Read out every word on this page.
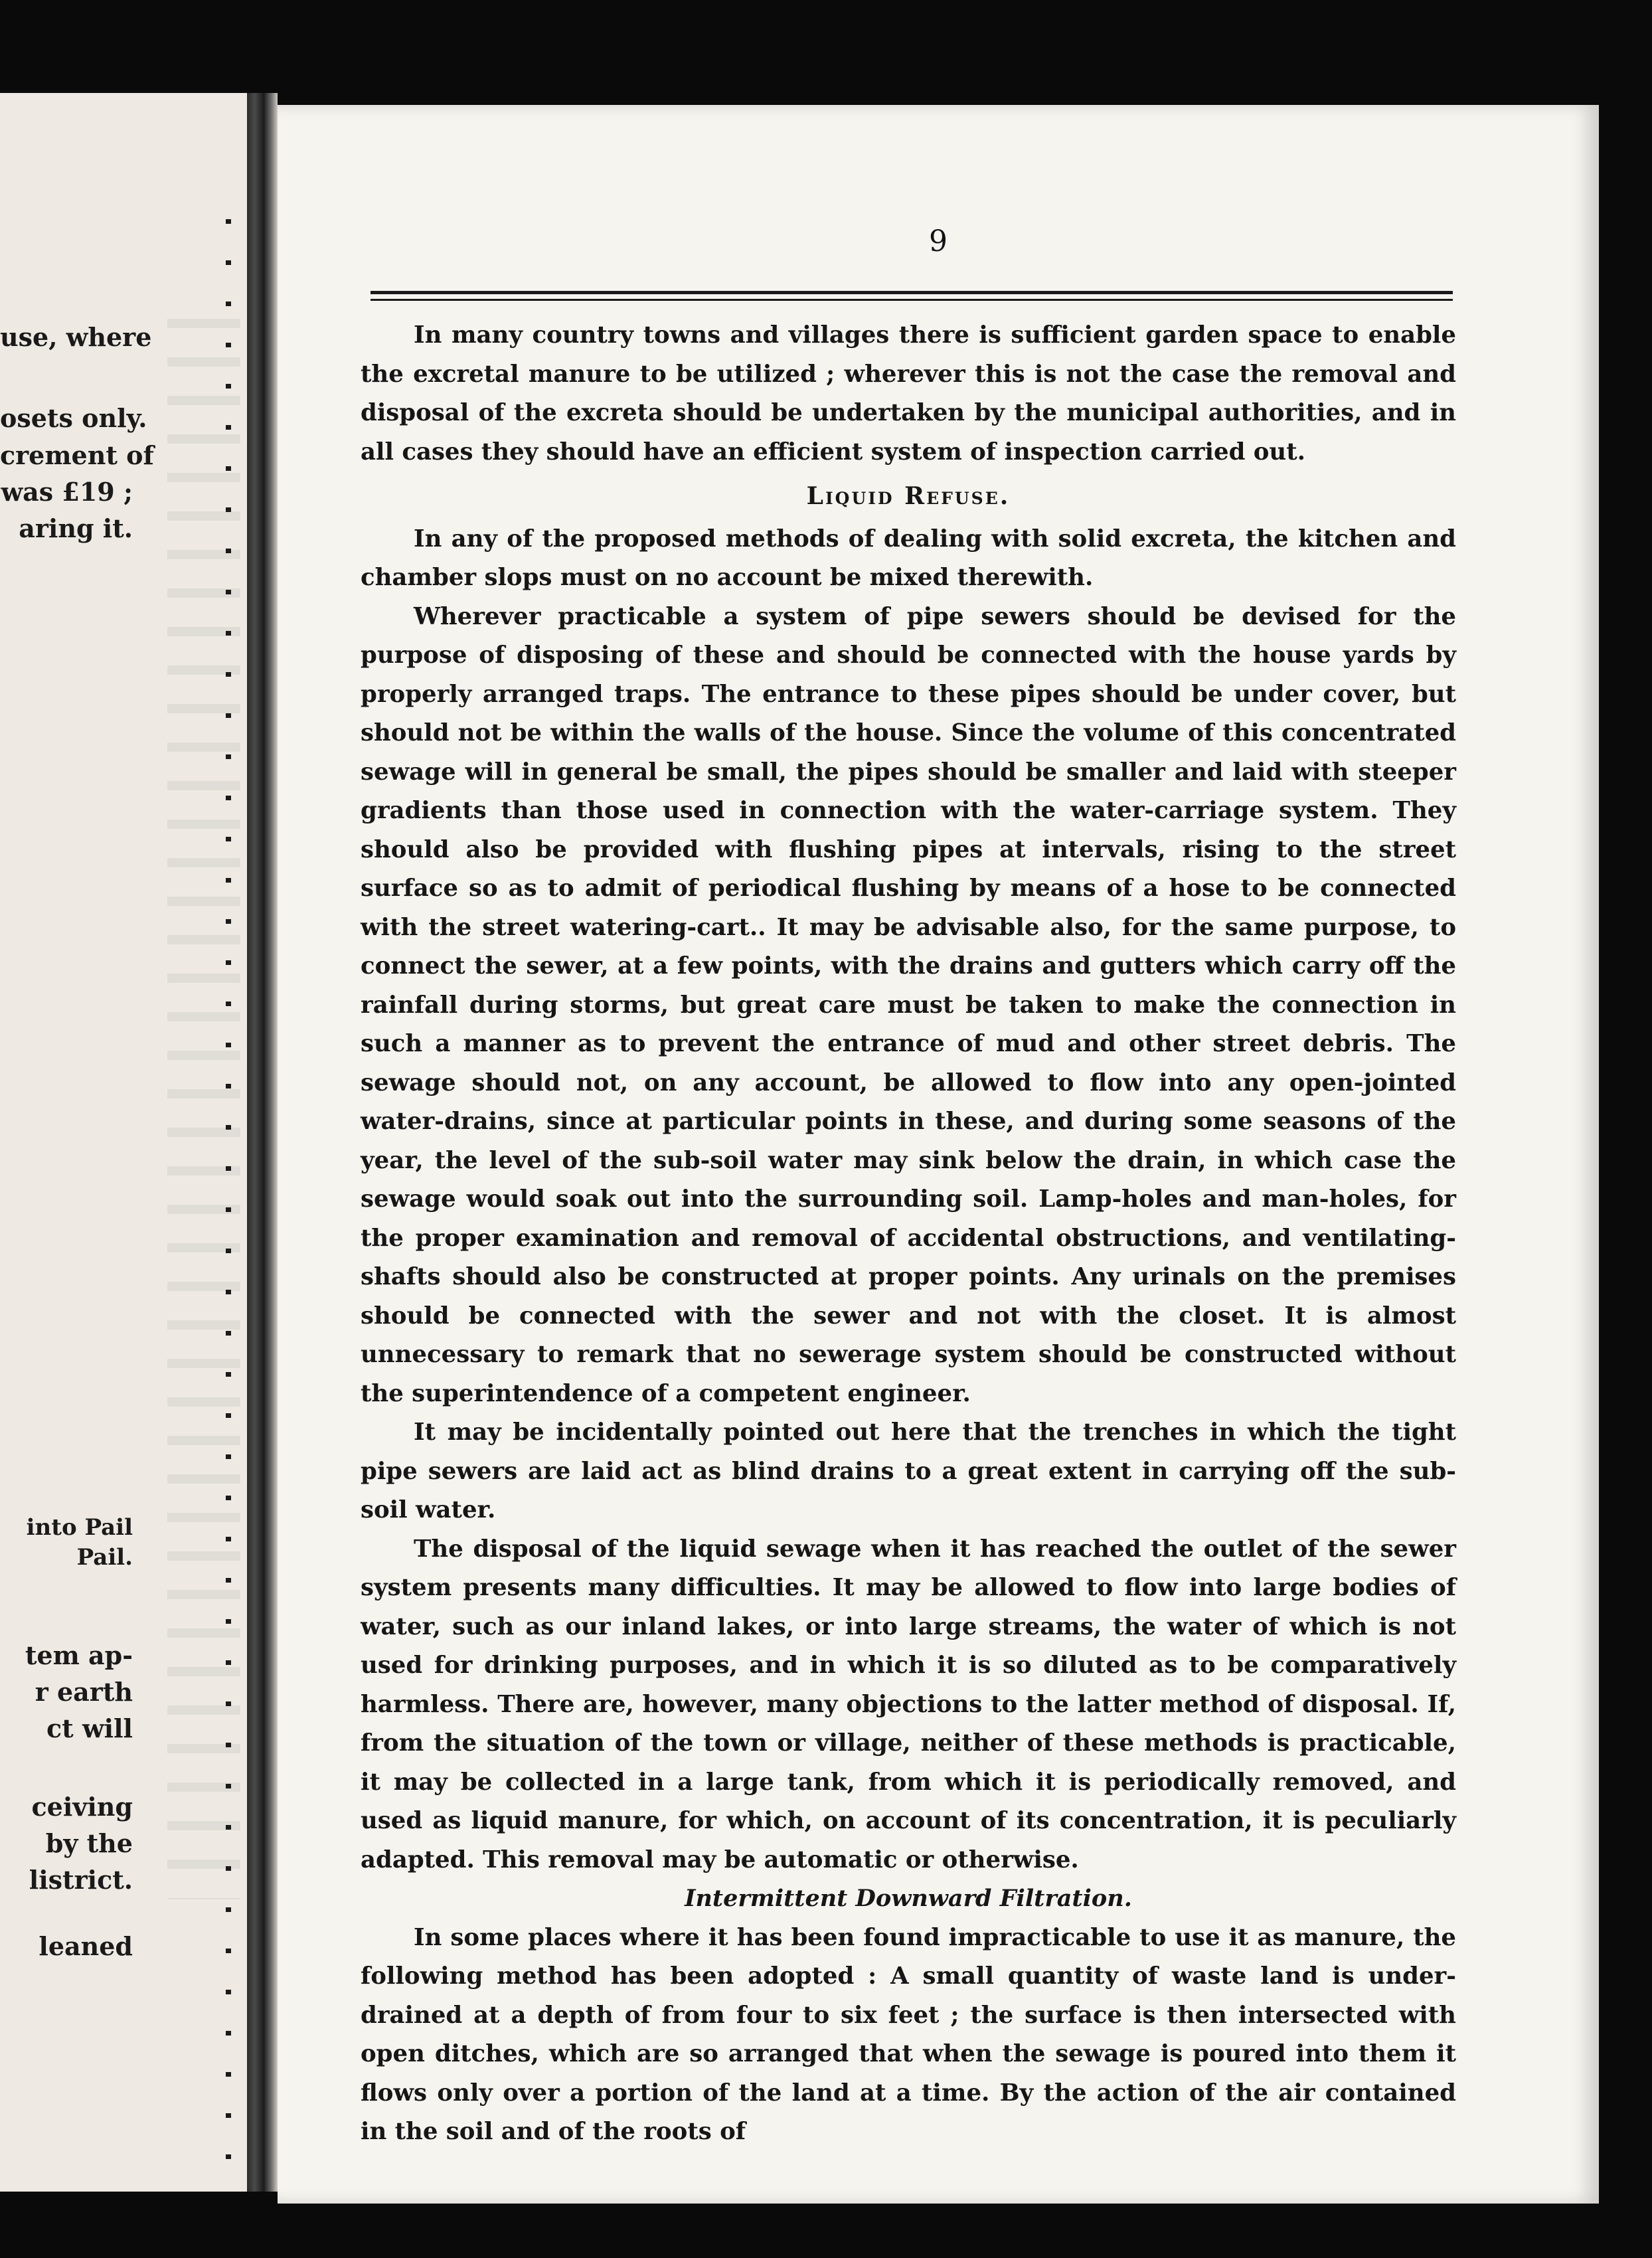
use, where
osets only.
crement of
was £19 ;
aring it.
into Pail
Pail.
tem ap-
r earth
ct will
ceiving
by the
listrict.
leaned
9

In many country towns and villages there is sufficient garden space to enable the excretal manure to be utilized ; wherever this is not the case the removal and disposal of the excreta should be undertaken by the municipal authorities, and in all cases they should have an efficient system of inspection carried out.

Liquid Refuse.

In any of the proposed methods of dealing with solid excreta, the kitchen and chamber slops must on no account be mixed therewith.

Wherever practicable a system of pipe sewers should be devised for the purpose of disposing of these and should be connected with the house yards by properly arranged traps. The entrance to these pipes should be under cover, but should not be within the walls of the house. Since the volume of this concentrated sewage will in general be small, the pipes should be smaller and laid with steeper gradients than those used in connection with the water-carriage system. They should also be provided with flushing pipes at intervals, rising to the street surface so as to admit of periodical flushing by means of a hose to be connected with the street watering-cart.. It may be advisable also, for the same purpose, to connect the sewer, at a few points, with the drains and gutters which carry off the rainfall during storms, but great care must be taken to make the connection in such a manner as to prevent the entrance of mud and other street debris. The sewage should not, on any account, be allowed to flow into any open-jointed water-drains, since at particular points in these, and during some seasons of the year, the level of the sub-soil water may sink below the drain, in which case the sewage would soak out into the surrounding soil. Lamp-holes and man-holes, for the proper examination and removal of accidental obstructions, and ventilating-shafts should also be constructed at proper points. Any urinals on the premises should be connected with the sewer and not with the closet. It is almost unnecessary to remark that no sewerage system should be constructed without the superintendence of a competent engineer.

It may be incidentally pointed out here that the trenches in which the tight pipe sewers are laid act as blind drains to a great extent in carrying off the sub-soil water.

The disposal of the liquid sewage when it has reached the outlet of the sewer system presents many difficulties. It may be allowed to flow into large bodies of water, such as our inland lakes, or into large streams, the water of which is not used for drinking purposes, and in which it is so diluted as to be comparatively harmless. There are, however, many objections to the latter method of disposal. If, from the situation of the town or village, neither of these methods is practicable, it may be collected in a large tank, from which it is periodically removed, and used as liquid manure, for which, on account of its concentration, it is peculiarly adapted. This removal may be automatic or otherwise.

Intermittent Downward Filtration.

In some places where it has been found impracticable to use it as manure, the following method has been adopted : A small quantity of waste land is under-drained at a depth of from four to six feet ; the surface is then intersected with open ditches, which are so arranged that when the sewage is poured into them it flows only over a portion of the land at a time. By the action of the air contained in the soil and of the roots of
